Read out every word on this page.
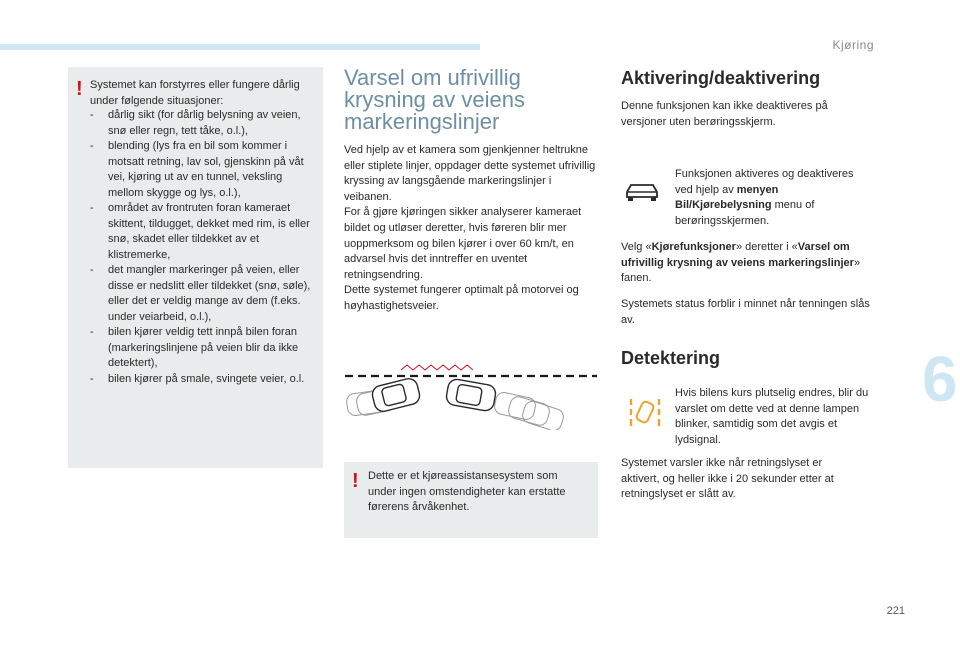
Kjøring
! Systemet kan forstyrres eller fungere dårlig under følgende situasjoner:
- dårlig sikt (for dårlig belysning av veien, snø eller regn, tett tåke, o.l.),
- blending (lys fra en bil som kommer i motsatt retning, lav sol, gjenskinn på våt vei, kjøring ut av en tunnel, veksling mellom skygge og lys, o.l.),
- området av frontruten foran kameraet skittent, tildugget, dekket med rim, is eller snø, skadet eller tildekket av et klistremerke,
- det mangler markeringer på veien, eller disse er nedslitt eller tildekket (snø, søle), eller det er veldig mange av dem (f.eks. under veiarbeid, o.l.),
- bilen kjører veldig tett innpå bilen foran (markeringslinjene på veien blir da ikke detektert),
- bilen kjører på smale, svingete veier, o.l.
Varsel om ufrivillig krysning av veiens markeringslinjer
Ved hjelp av et kamera som gjenkjenner heltrukne eller stiplete linjer, oppdager dette systemet ufrivillig kryssing av langsgående markeringslinjer i veibanen.
For å gjøre kjøringen sikker analyserer kameraet bildet og utløser deretter, hvis føreren blir mer uoppmerksom og bilen kjører i over 60 km/t, en advarsel hvis det inntreffer en uventet retningsendring.
Dette systemet fungerer optimalt på motorvei og høyhastighetsveier.
! Dette er et kjøreassistansesystem som under ingen omstendigheter kan erstatte førerens årvåkenhet.
Aktivering/deaktivering
Denne funksjonen kan ikke deaktiveres på versjoner uten berøringsskjerm.
Funksjonen aktiveres og deaktiveres ved hjelp av menyen Bil/Kjørebelysning menu of berøringsskjermen.
Velg «Kjørefunksjoner» deretter i «Varsel om ufrivillig krysning av veiens markeringslinjer» fanen.
Systemets status forblir i minnet når tenningen slås av.
Detektering
Hvis bilens kurs plutselig endres, blir du varslet om dette ved at denne lampen blinker, samtidig som det avgis et lydsignal.
Systemet varsler ikke når retningslyset er aktivert, og heller ikke i 20 sekunder etter at retningslyset er slått av.
6
221
